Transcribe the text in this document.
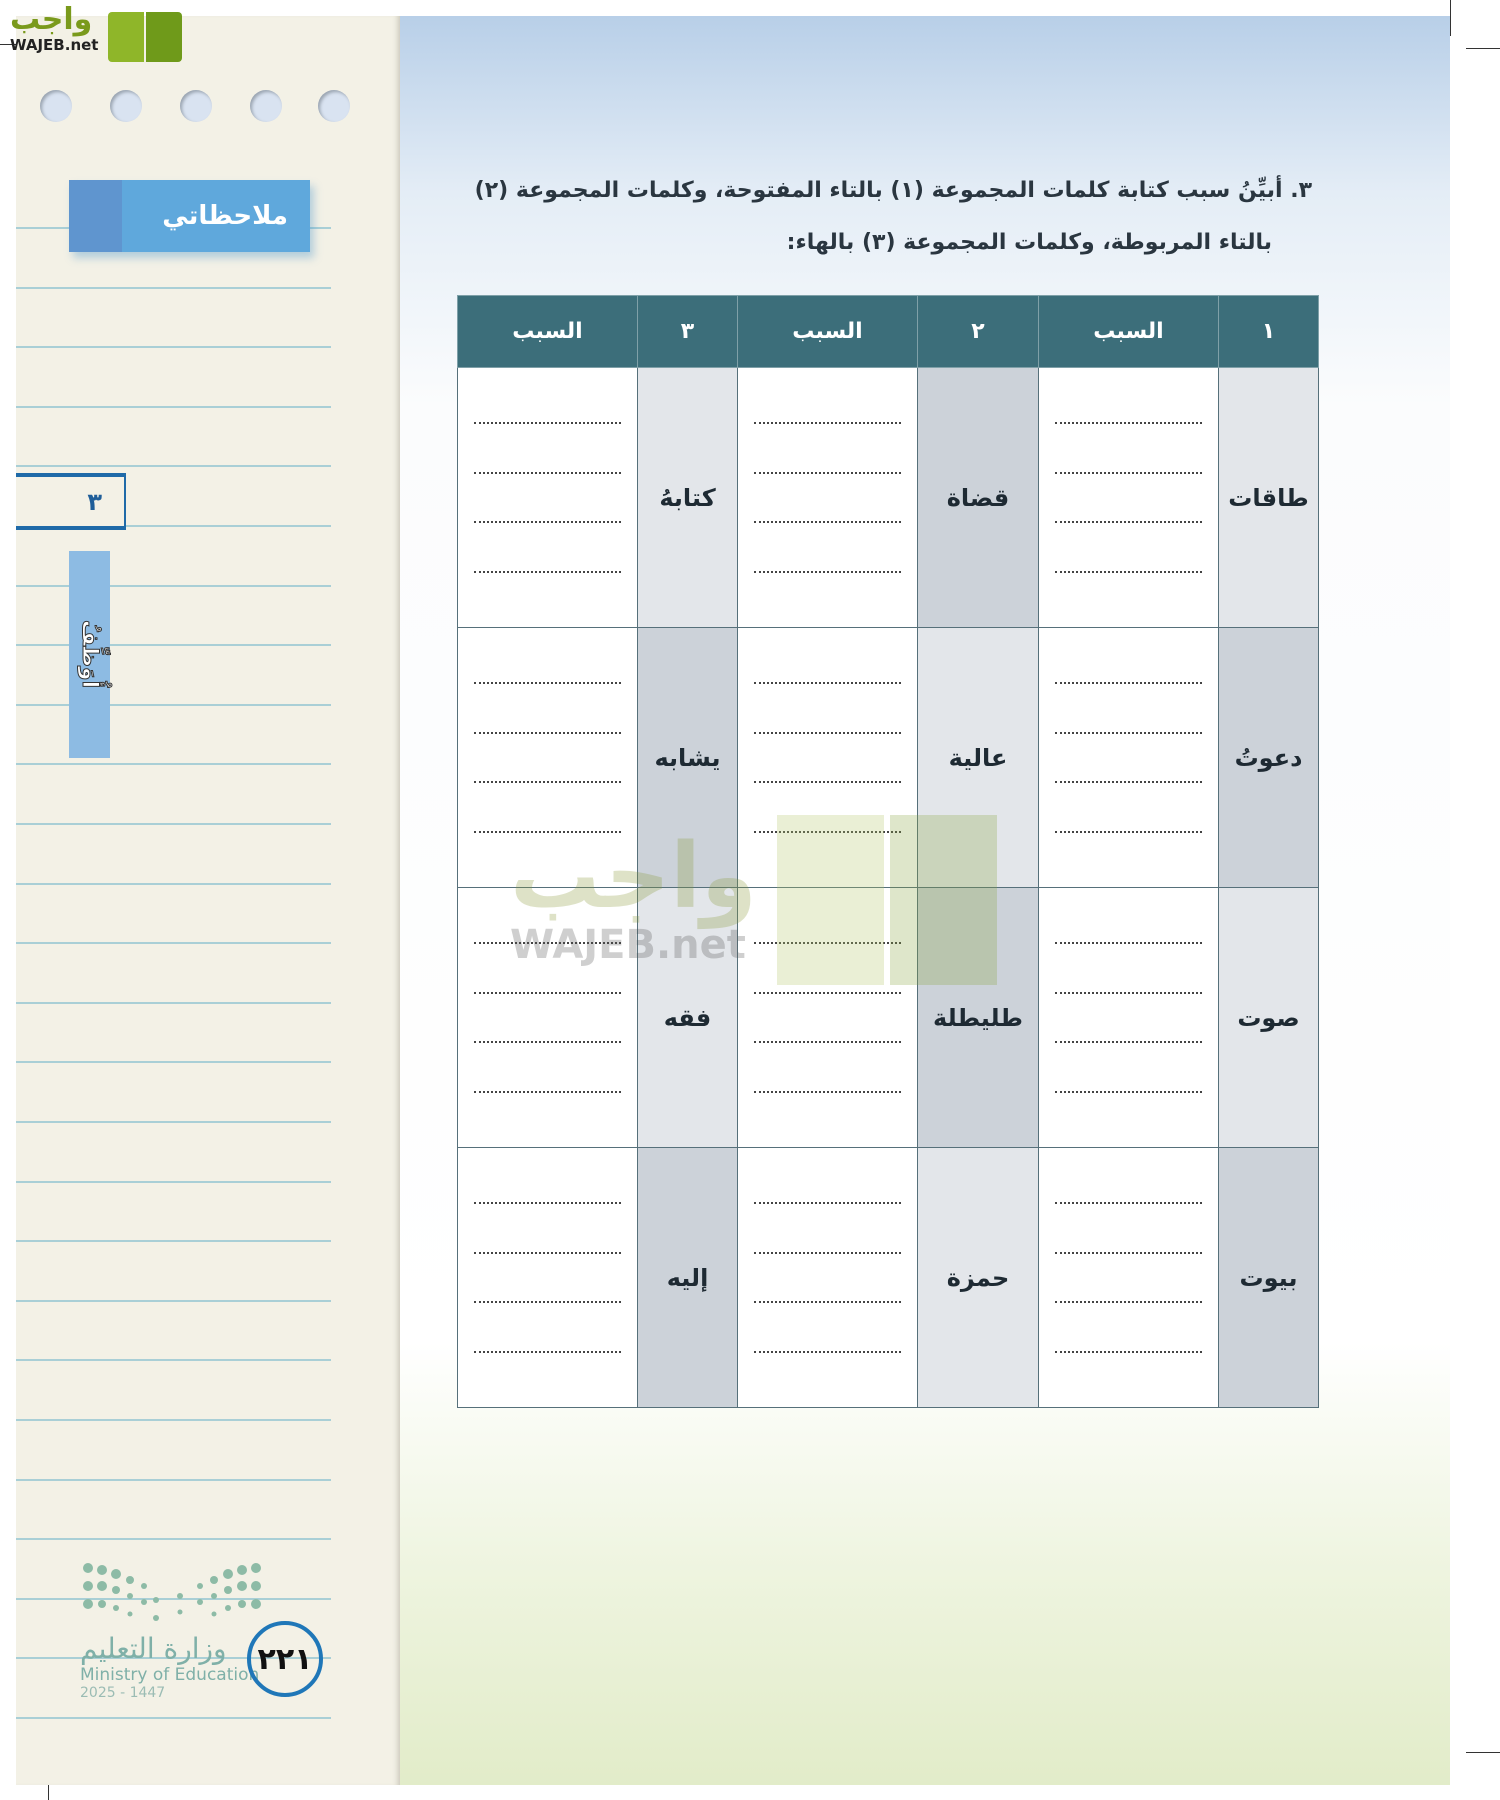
واجب
WAJEB.net
ملاحظاتي
٣
أُوَظِّفُ
٣. أبيِّنُ سبب كتابة كلمات المجموعة (١) بالتاء المفتوحة، وكلمات المجموعة (٢)
بالتاء المربوطة، وكلمات المجموعة (٣) بالهاء:
١	السبب	٢	السبب	٣	السبب
طاقات		قضاة		كتابهُ	

دعوتُ		عالية		يشابه	

صوت		طليطلة		فقه	

بيوت		حمزة		إليه	
واجب
WAJEB.net
وزارة التعليم
Ministry of Education
2025 - 1447
٢٢١
